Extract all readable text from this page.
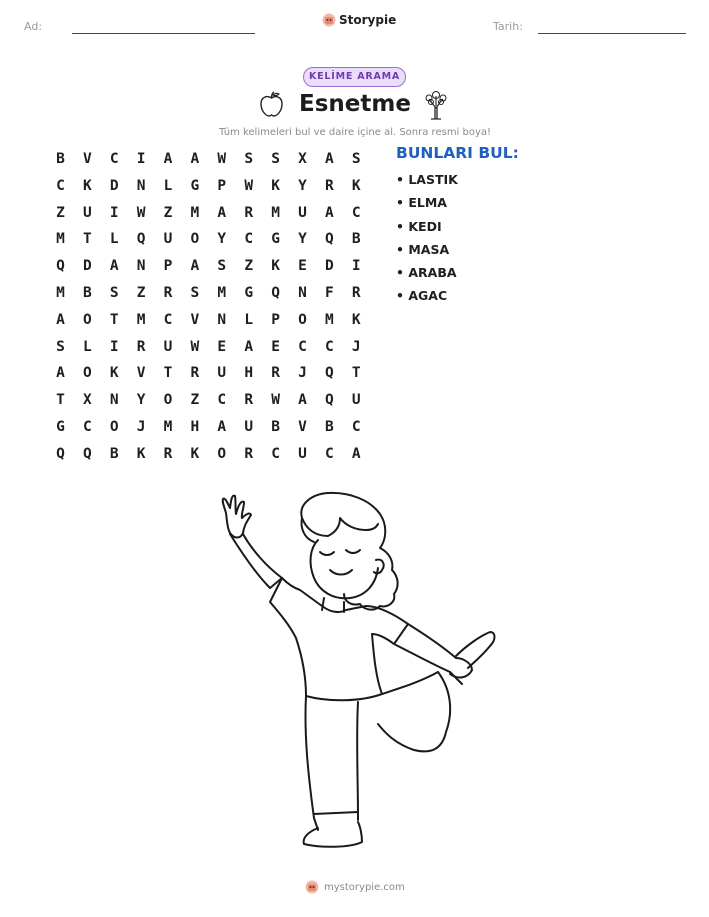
Ad:	Storypie	Tarih:
KELİME ARAMA
Esnetme
Tüm kelimeleri bul ve daire içine al. Sonra resmi boya!
B	V	C	I	A	A	W	S	S	X	A	S
C	K	D	N	L	G	P	W	K	Y	R	K
Z	U	I	W	Z	M	A	R	M	U	A	C
M	T	L	Q	U	O	Y	C	G	Y	Q	B
Q	D	A	N	P	A	S	Z	K	E	D	I
M	B	S	Z	R	S	M	G	Q	N	F	R
A	O	T	M	C	V	N	L	P	O	M	K
S	L	I	R	U	W	E	A	E	C	C	J
A	O	K	V	T	R	U	H	R	J	Q	T
T	X	N	Y	O	Z	C	R	W	A	Q	U
G	C	O	J	M	H	A	U	B	V	B	C
Q	Q	B	K	R	K	O	R	C	U	C	A
BUNLARI BUL:
• LASTIK
• ELMA
• KEDI
• MASA
• ARABA
• AGAC
mystorypie.com
